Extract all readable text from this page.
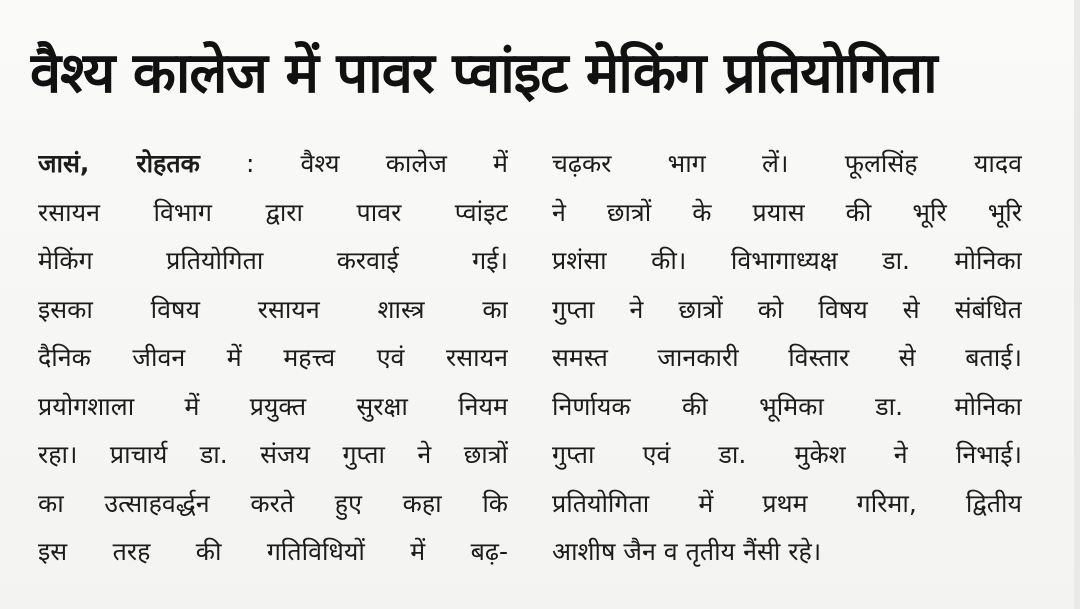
वैश्य कालेज में पावर प्वांइट मेकिंग प्रतियोगिता
जासं, रोहतक : वैश्य कालेज में
रसायन विभाग द्वारा पावर प्वांइट
मेकिंग प्रतियोगिता करवाई गई।
इसका विषय रसायन शास्त्र का
दैनिक जीवन में महत्त्व एवं रसायन
प्रयोगशाला में प्रयुक्त सुरक्षा नियम
रहा। प्राचार्य डा. संजय गुप्ता ने छात्रों
का उत्साहवर्द्धन करते हुए कहा कि
इस तरह की गतिविधियों में बढ़-
चढ़कर भाग लें। फूलसिंह यादव
ने छात्रों के प्रयास की भूरि भूरि
प्रशंसा की। विभागाध्यक्ष डा. मोनिका
गुप्ता ने छात्रों को विषय से संबंधित
समस्त जानकारी विस्तार से बताई।
निर्णायक की भूमिका डा. मोनिका
गुप्ता एवं डा. मुकेश ने निभाई।
प्रतियोगिता में प्रथम गरिमा, द्वितीय
आशीष जैन व तृतीय नैंसी रहे।
